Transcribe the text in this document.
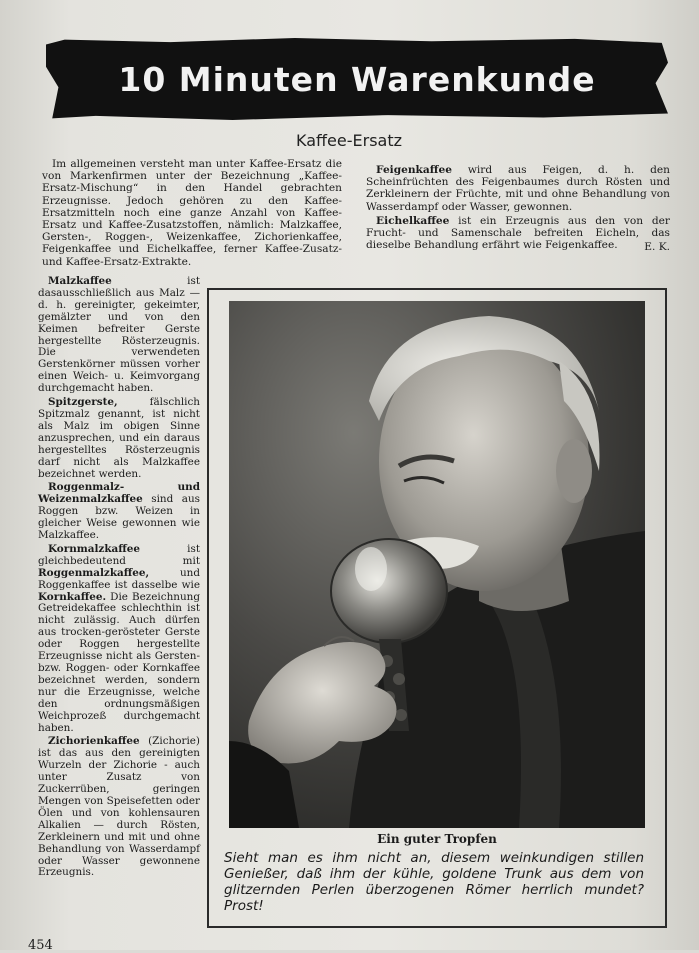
10 Minuten Warenkunde
Kaffee-Ersatz

Im allgemeinen versteht man unter Kaffee-Ersatz die von Markenfirmen unter der Bezeichnung „Kaffee-Ersatz-Mischung“ in den Handel gebrachten Erzeugnisse. Jedoch gehören zu den Kaffee-Ersatzmitteln noch eine ganze Anzahl von Kaffee-Ersatz und Kaffee-Zusatzstoffen, nämlich: Malzkaffee, Gersten-, Roggen-, Weizenkaffee, Zichorienkaffee, Feigenkaffee und Eichelkaffee, ferner Kaffee-Zusatz- und Kaffee-Ersatz-Extrakte.

Feigenkaffee wird aus Feigen, d. h. den Scheinfrüchten des Feigenbaumes durch Rösten und Zerkleinern der Früchte, mit und ohne Behandlung von Wasserdampf oder Wasser, gewonnen.

Eichelkaffee ist ein Erzeugnis aus den von der Frucht- und Samenschale befreiten Eicheln, das dieselbe Behandlung erfährt wie Feigenkaffee.	E. K.

Malzkaffee ist dasausschließlich aus Malz — d. h. gereinigter, gekeimter, gemälzter und von den Keimen befreiter Gerste hergestellte Rösterzeugnis. Die verwendeten Gerstenkörner müssen vorher einen Weich- u. Keimvorgang durchgemacht haben.

Spitzgerste, fälschlich Spitzmalz genannt, ist nicht als Malz im obigen Sinne anzusprechen, und ein daraus hergestelltes Rösterzeugnis darf nicht als Malzkaffee bezeichnet werden.

Roggenmalz- und Weizenmalzkaffee sind aus Roggen bzw. Weizen in gleicher Weise gewonnen wie Malzkaffee.

Kornmalzkaffee ist gleichbedeutend mit Roggenmalzkaffee, und Roggenkaffee ist dasselbe wie Kornkaffee. Die Bezeichnung Getreidekaffee schlechthin ist nicht zulässig. Auch dürfen aus trocken-gerösteter Gerste oder Roggen hergestellte Erzeugnisse nicht als Gersten- bzw. Roggen- oder Kornkaffee bezeichnet werden, sondern nur die Erzeugnisse, welche den ordnungsmäßigen Weichprozeß durchgemacht haben.

Zichorienkaffee (Zichorie) ist das aus den gereinigten Wurzeln der Zichorie - auch unter Zusatz von Zuckerrüben, geringen Mengen von Speisefetten oder Ölen und von kohlensauren Alkalien — durch Rösten, Zerkleinern und mit und ohne Behandlung von Wasserdampf oder Wasser gewonnene Erzeugnis.

Ein guter Tropfen
Sieht man es ihm nicht an, diesem weinkundigen stillen Genießer, daß ihm der kühle, goldene Trunk aus dem von glitzernden Perlen überzogenen Römer herrlich mundet? Prost!
454
